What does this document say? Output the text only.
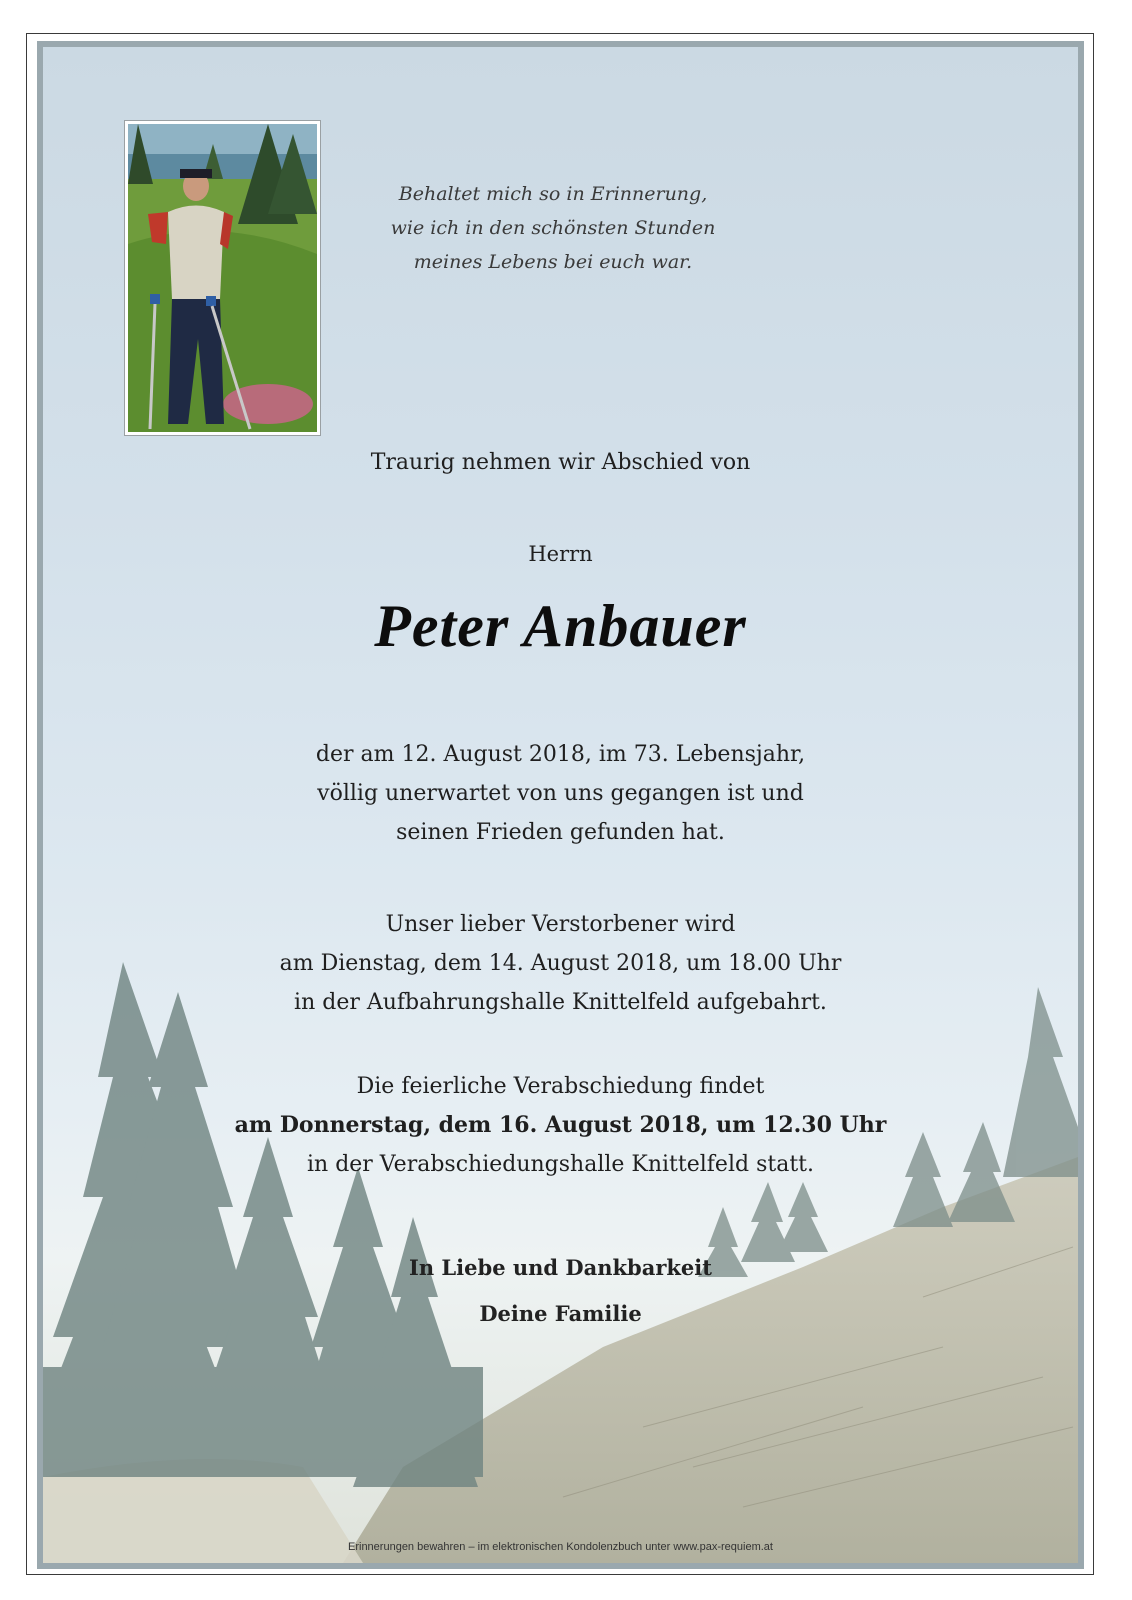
Behaltet mich so in Erinnerung,
wie ich in den schönsten Stunden
meines Lebens bei euch war.
Traurig nehmen wir Abschied von
Herrn
Peter Anbauer
der am 12. August 2018, im 73. Lebensjahr,
völlig unerwartet von uns gegangen ist und
seinen Frieden gefunden hat.
Unser lieber Verstorbener wird
am Dienstag, dem 14. August 2018, um 18.00 Uhr
in der Aufbahrungshalle Knittelfeld aufgebahrt.
Die feierliche Verabschiedung findet
am Donnerstag, dem 16. August 2018, um 12.30 Uhr
in der Verabschiedungshalle Knittelfeld statt.
In Liebe und Dankbarkeit
Deine Familie
Erinnerungen bewahren – im elektronischen Kondolenzbuch unter www.pax-requiem.at
